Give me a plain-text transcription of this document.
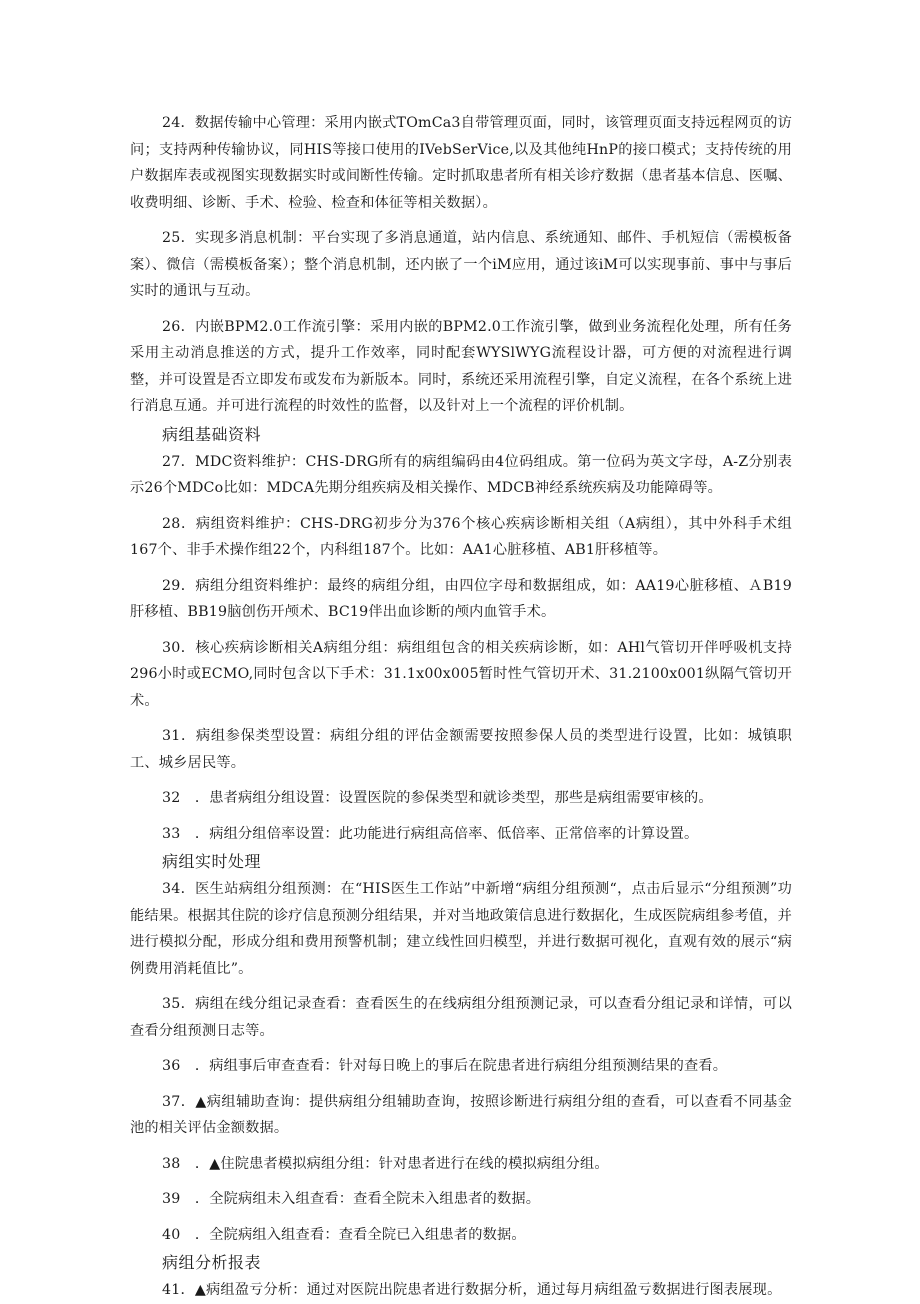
24．数据传输中心管理：采用内嵌式TOmCa3自带管理页面，同时，该管理页面支持远程网页的访问；支持两种传输协议，同HIS等接口使用的IVebSerVice,以及其他纯HnP的接口模式；支持传统的用户数据库表或视图实现数据实时或间断性传输。定时抓取患者所有相关诊疗数据（患者基本信息、医嘱、收费明细、诊断、手术、检验、检查和体征等相关数据）。

25．实现多消息机制：平台实现了多消息通道，站内信息、系统通知、邮件、手机短信（需模板备案）、微信（需模板备案）；整个消息机制，还内嵌了一个iM应用，通过该iM可以实现事前、事中与事后实时的通讯与互动。

26．内嵌BPM2.0工作流引擎：采用内嵌的BPM2.0工作流引擎，做到业务流程化处理，所有任务采用主动消息推送的方式，提升工作效率，同时配套WYSlWYG流程设计器，可方便的对流程进行调整，并可设置是否立即发布或发布为新版本。同时，系统还采用流程引擎，自定义流程，在各个系统上进行消息互通。并可进行流程的时效性的监督，以及针对上一个流程的评价机制。

病组基础资料

27．MDC资料维护：CHS-DRG所有的病组编码由4位码组成。第一位码为英文字母，A-Z分别表示26个MDCo比如：MDCA先期分组疾病及相关操作、MDCB神经系统疾病及功能障碍等。

28．病组资料维护：CHS-DRG初步分为376个核心疾病诊断相关组（A病组），其中外科手术组167个、非手术操作组22个，内科组187个。比如：AA1心脏移植、AB1肝移植等。

29．病组分组资料维护：最终的病组分组，由四位字母和数据组成，如：AA19心脏移植、ＡB19肝移植、BB19脑创伤开颅术、BC19伴出血诊断的颅内血管手术。

30．核心疾病诊断相关A病组分组：病组组包含的相关疾病诊断，如：AHl气管切开伴呼吸机支持296小时或ECMO,同时包含以下手术：31.1x00x005暂时性气管切开术、31.2100x001纵隔气管切开术。

31．病组参保类型设置：病组分组的评估金额需要按照参保人员的类型进行设置，比如：城镇职工、城乡居民等。

32　．患者病组分组设置：设置医院的参保类型和就诊类型，那些是病组需要审核的。

33　．病组分组倍率设置：此功能进行病组高倍率、低倍率、正常倍率的计算设置。

病组实时处理

34．医生站病组分组预测：在“HIS医生工作站”中新增“病组分组预测“，点击后显示“分组预测”功能结果。根据其住院的诊疗信息预测分组结果，并对当地政策信息进行数据化，生成医院病组参考值，并进行模拟分配，形成分组和费用预警机制；建立线性回归模型，并进行数据可视化，直观有效的展示“病例费用消耗值比”。

35．病组在线分组记录查看：查看医生的在线病组分组预测记录，可以查看分组记录和详情，可以查看分组预测日志等。

36　．病组事后审查查看：针对每日晚上的事后在院患者进行病组分组预测结果的查看。

37．▲病组辅助查询：提供病组分组辅助查询，按照诊断进行病组分组的查看，可以查看不同基金池的相关评估金额数据。

38　．▲住院患者模拟病组分组：针对患者进行在线的模拟病组分组。

39　．全院病组未入组查看：查看全院未入组患者的数据。

40　．全院病组入组查看：查看全院已入组患者的数据。

病组分析报表

41．▲病组盈亏分析：通过对医院出院患者进行数据分析，通过每月病组盈亏数据进行图表展现。
